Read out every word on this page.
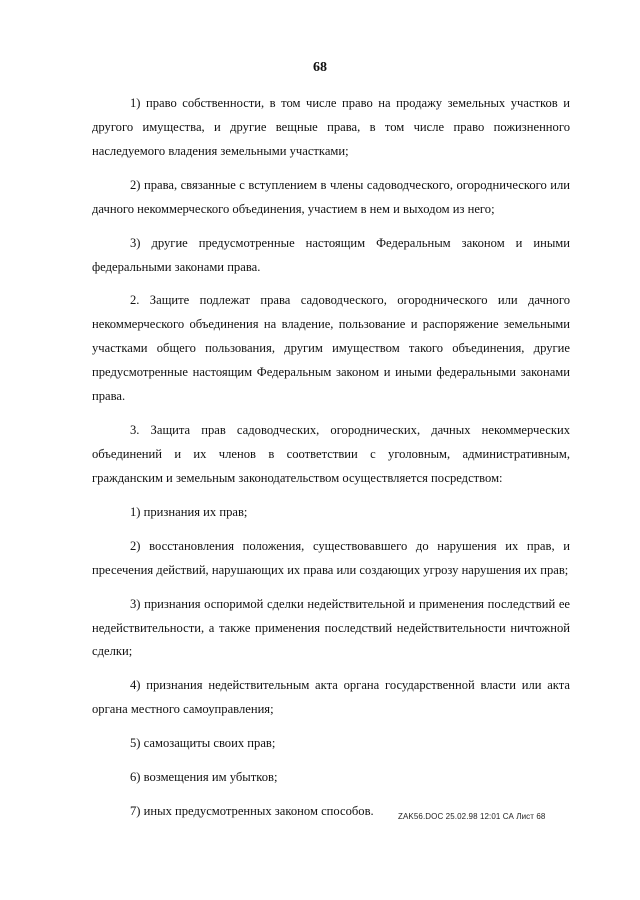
68

1) право собственности, в том числе право на продажу земельных участков и другого имущества, и другие вещные права, в том числе право пожизненного наследуемого владения земельными участками;

2) права, связанные с вступлением в члены садоводческого, огороднического или дачного некоммерческого объединения, участием в нем и выходом из него;

3) другие предусмотренные настоящим Федеральным законом и иными федеральными законами права.

2. Защите подлежат права садоводческого, огороднического или дачного некоммерческого объединения на владение, пользование и распоряжение земельными участками общего пользования, другим имуществом такого объединения, другие предусмотренные настоящим Федеральным законом и иными федеральными законами права.

3. Защита прав садоводческих, огороднических, дачных некоммерческих объединений и их членов в соответствии с уголовным, административным, гражданским и земельным законодательством осуществляется посредством:

1) признания их прав;

2) восстановления положения, существовавшего до нарушения их прав, и пресечения действий, нарушающих их права или создающих угрозу нарушения их прав;

3) признания оспоримой сделки недействительной и применения последствий ее недействительности, а также применения последствий недействительности ничтожной сделки;

4) признания недействительным акта органа государственной власти или акта органа местного самоуправления;

5) самозащиты своих прав;

6) возмещения им убытков;

7) иных предусмотренных законом способов.	ZAK56.DOC 25.02.98 12:01 СА Лист 68
